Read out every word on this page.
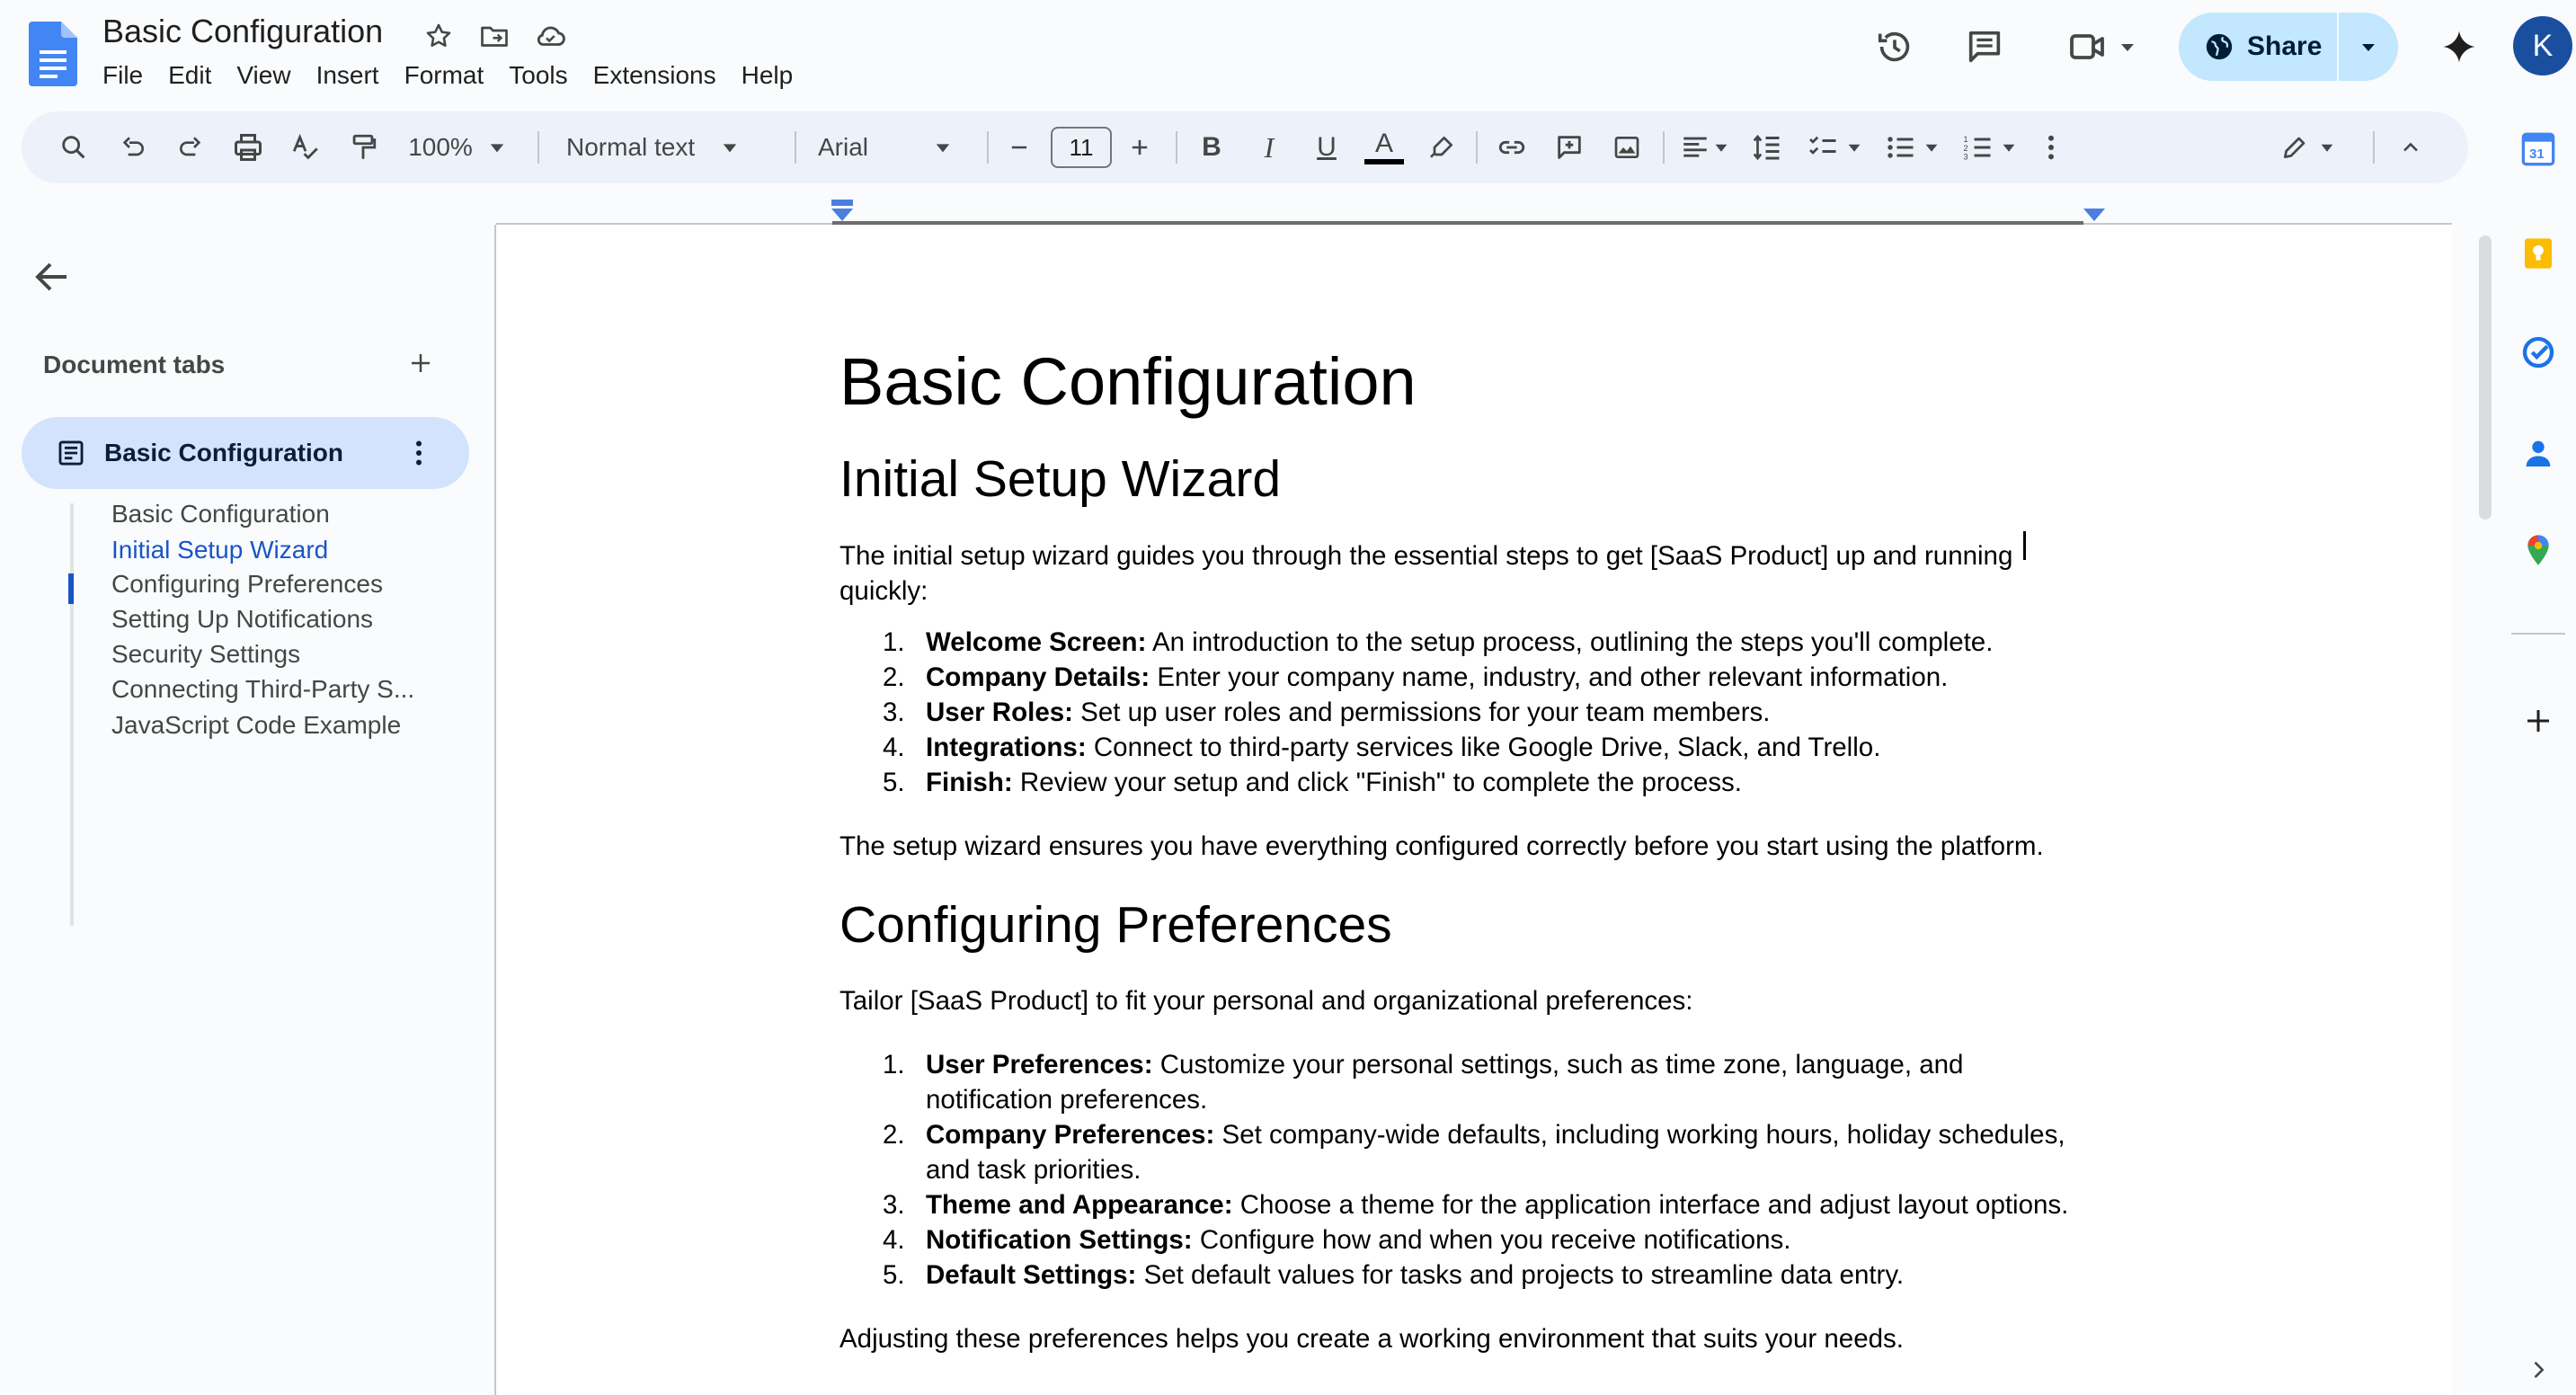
Basic Configuration
File	Edit	View	Insert	Format	Tools	Extensions	Help
Share	K
100%	Normal text	Arial	11	B I U A	1
2
3
Document tabs
Basic Configuration
Basic Configuration
Initial Setup Wizard
Configuring Preferences
Setting Up Notifications
Security Settings
Connecting Third-Party S...
JavaScript Code Example
Basic Configuration
Initial Setup Wizard
The initial setup wizard guides you through the essential steps to get [SaaS Product] up and running quickly:
1. Welcome Screen: An introduction to the setup process, outlining the steps you'll complete.
2. Company Details: Enter your company name, industry, and other relevant information.
3. User Roles: Set up user roles and permissions for your team members.
4. Integrations: Connect to third-party services like Google Drive, Slack, and Trello.
5. Finish: Review your setup and click "Finish" to complete the process.
The setup wizard ensures you have everything configured correctly before you start using the platform.
Configuring Preferences
Tailor [SaaS Product] to fit your personal and organizational preferences:
1. User Preferences: Customize your personal settings, such as time zone, language, and notification preferences.
2. Company Preferences: Set company-wide defaults, including working hours, holiday schedules, and task priorities.
3. Theme and Appearance: Choose a theme for the application interface and adjust layout options.
4. Notification Settings: Configure how and when you receive notifications.
5. Default Settings: Set default values for tasks and projects to streamline data entry.
Adjusting these preferences helps you create a working environment that suits your needs.
31
